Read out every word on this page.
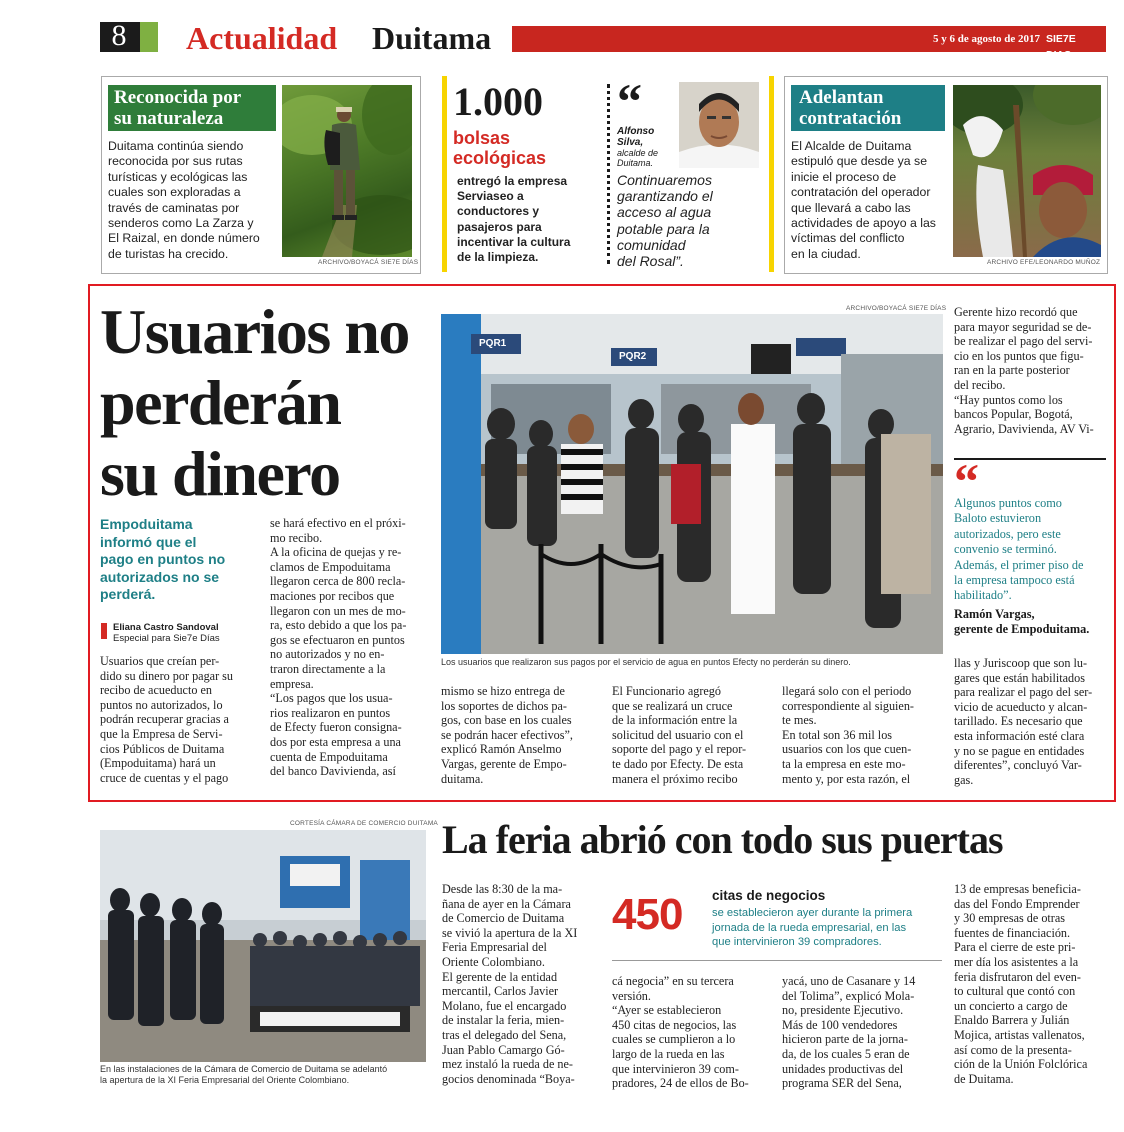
8 Actualidad Duitama	5 y 6 de agosto de 2017 SIE7E DIAS
Reconocida por
su naturaleza
Duitama continúa siendo
reconocida por sus rutas
turísticas y ecológicas las
cuales son exploradas a
través de caminatas por
senderos como La Zarza y
El Raizal, en donde número
de turistas ha crecido.
ARCHIVO/BOYACÁ SIE7E DÍAS
1.000
bolsas
ecológicas
entregó la empresa
Serviaseo a
conductores y
pasajeros para
incentivar la cultura
de la limpieza.
“
Alfonso
Silva,
alcalde de
Duitama.
Continuaremos
garantizando el
acceso al agua
potable para la
comunidad
del Rosal”.
Adelantan
contratación
El Alcalde de Duitama
estipuló que desde ya se
inicie el proceso de
contratación del operador
que llevará a cabo las
actividades de apoyo a las
víctimas del conflicto
en la ciudad.
ARCHIVO EFE/LEONARDO MUÑOZ
Usuarios no
perderán
su dinero
Empoduitama
informó que el
pago en puntos no
autorizados no se
perderá.
Eliana Castro Sandoval
Especial para Sie7e Días
Usuarios que creían per-
dido su dinero por pagar su
recibo de acueducto en
puntos no autorizados, lo
podrán recuperar gracias a
que la Empresa de Servi-
cios Públicos de Duitama
(Empoduitama) hará un
cruce de cuentas y el pago
se hará efectivo en el próxi-
mo recibo.
A la oficina de quejas y re-
clamos de Empoduitama
llegaron cerca de 800 recla-
maciones por recibos que
llegaron con un mes de mo-
ra, esto debido a que los pa-
gos se efectuaron en puntos
no autorizados y no en-
traron directamente a la
empresa.
“Los pagos que los usua-
rios realizaron en puntos
de Efecty fueron consigna-
dos por esta empresa a una
cuenta de Empoduitama
del banco Davivienda, así
ARCHIVO/BOYACÁ SIE7E DÍAS
PQR1
PQR2
Los usuarios que realizaron sus pagos por el servicio de agua en puntos Efecty no perderán su dinero.
mismo se hizo entrega de
los soportes de dichos pa-
gos, con base en los cuales
se podrán hacer efectivos”,
explicó Ramón Anselmo
Vargas, gerente de Empo-
duitama.
El Funcionario agregó
que se realizará un cruce
de la información entre la
solicitud del usuario con el
soporte del pago y el repor-
te dado por Efecty. De esta
manera el próximo recibo
llegará solo con el periodo
correspondiente al siguien-
te mes.
En total son 36 mil los
usuarios con los que cuen-
ta la empresa en este mo-
mento y, por esta razón, el
Gerente hizo recordó que
para mayor seguridad se de-
be realizar el pago del servi-
cio en los puntos que figu-
ran en la parte posterior
del recibo.
“Hay puntos como los
bancos Popular, Bogotá,
Agrario, Davivienda, AV Vi-
“
Algunos puntos como
Baloto estuvieron
autorizados, pero este
convenio se terminó.
Además, el primer piso de
la empresa tampoco está
habilitado”.
Ramón Vargas,
gerente de Empoduitama.
llas y Juriscoop que son lu-
gares que están habilitados
para realizar el pago del ser-
vicio de acueducto y alcan-
tarillado. Es necesario que
esta información esté clara
y no se pague en entidades
diferentes”, concluyó Var-
gas.
CORTESÍA CÁMARA DE COMERCIO DUITAMA
En las instalaciones de la Cámara de Comercio de Duitama se adelantó
la apertura de la XI Feria Empresarial del Oriente Colombiano.
La feria abrió con todo sus puertas
Desde las 8:30 de la ma-
ñana de ayer en la Cámara
de Comercio de Duitama
se vivió la apertura de la XI
Feria Empresarial del
Oriente Colombiano.
El gerente de la entidad
mercantil, Carlos Javier
Molano, fue el encargado
de instalar la feria, mien-
tras el delegado del Sena,
Juan Pablo Camargo Gó-
mez instaló la rueda de ne-
gocios denominada “Boya-
450 citas de negocios
se establecieron ayer durante la primera
jornada de la rueda empresarial, en las
que intervinieron 39 compradores.
cá negocia” en su tercera
versión.
“Ayer se establecieron
450 citas de negocios, las
cuales se cumplieron a lo
largo de la rueda en las
que intervinieron 39 com-
pradores, 24 de ellos de Bo-
yacá, uno de Casanare y 14
del Tolima”, explicó Mola-
no, presidente Ejecutivo.
Más de 100 vendedores
hicieron parte de la jorna-
da, de los cuales 5 eran de
unidades productivas del
programa SER del Sena,
13 de empresas beneficia-
das del Fondo Emprender
y 30 empresas de otras
fuentes de financiación.
Para el cierre de este pri-
mer día los asistentes a la
feria disfrutaron del even-
to cultural que contó con
un concierto a cargo de
Enaldo Barrera y Julián
Mojica, artistas vallenatos,
así como de la presenta-
ción de la Unión Folclórica
de Duitama.
